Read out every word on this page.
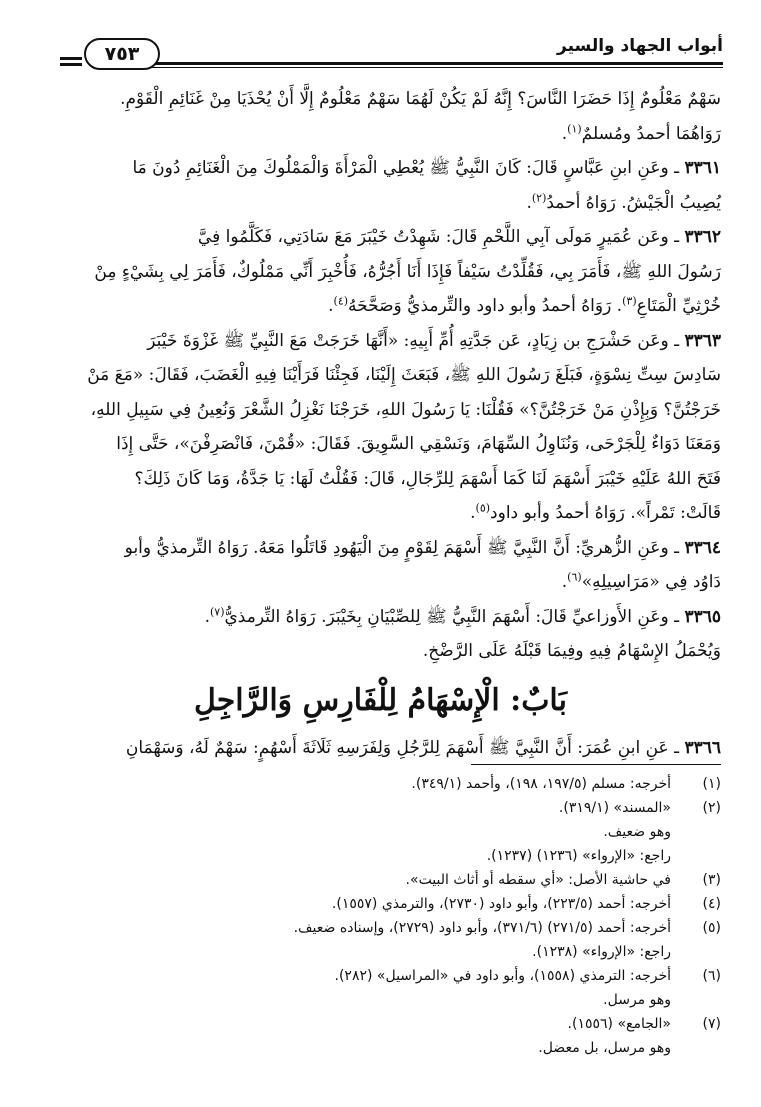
أبواب الجهاد والسير
٧٥٣

سَهْمٌ مَعْلُومٌ إِذَا حَضَرَا النَّاسَ؟ إِنَّهُ لَمْ يَكُنْ لَهُمَا سَهْمٌ مَعْلُومٌ إِلَّا أَنْ يُحْذَيَا مِنْ غَنَائِمِ الْقَوْمِ.

رَوَاهُمَا أحمدُ ومُسلمٌ$^{(١)}$.

٣٣٦١ ـ وعَنِ ابنِ عَبَّاسٍ قَالَ: كَانَ النَّبِيُّ ﷺ يُعْطِي الْمَرْأَةَ وَالْمَمْلُوكَ مِنَ الْغَنَائِمِ دُونَ مَا

يُصِيبُ الْجَيْشُ. رَوَاهُ أحمدُ$^{(٢)}$.

٣٣٦٢ ـ وعَن عُمَيرٍ مَولَى آبِي اللَّحْمِ قَالَ: شَهِدْتُ خَيْبَرَ مَعَ سَادَتِي، فَكَلَّمُوا فِيَّ

رَسُولَ اللهِ ﷺ، فَأَمَرَ بِي، فَقُلِّدْتُ سَيْفاً فَإِذَا أَنَا أَجُرُّهُ، فَأُخْبِرَ أَنِّي مَمْلُوكٌ، فَأَمَرَ لِي بِشَيْءٍ مِنْ

خُرْثِيِّ الْمَتَاعِ$^{(٣)}$. رَوَاهُ أحمدُ وأبو داود والتِّرمذيُّ وَصَحَّحَهُ$^{(٤)}$.

٣٣٦٣ ـ وعَن حَشْرَجِ بن زِيَادٍ، عَن جَدَّتِهِ أُمِّ أَبِيهِ: «أَنَّهَا خَرَجَتْ مَعَ النَّبِيِّ ﷺ غَزْوَةَ خَيْبَرَ

سَادِسَ سِتِّ نِسْوَةٍ، فَبَلَغَ رَسُولَ اللهِ ﷺ، فَبَعَثَ إِلَيْنَا، فَجِئْنَا فَرَأَيْنَا فِيهِ الْغَضَبَ، فَقَالَ: «مَعَ مَنْ

خَرَجْتُنَّ؟ وَبِإِذْنِ مَنْ خَرَجْتُنَّ؟» فَقُلْنَا: يَا رَسُولَ اللهِ، خَرَجْنَا نَغْزِلُ الشَّعْرَ وَنُعِينُ فِي سَبِيلِ اللهِ،

وَمَعَنَا دَوَاءٌ لِلْجَرْحَى، وَنُنَاوِلُ السِّهَامَ، وَنَسْقِي السَّوِيقَ. فَقَالَ: «قُمْنَ، فَانْصَرِفْنَ»، حَتَّى إِذَا

فَتَحَ اللهُ عَلَيْهِ خَيْبَرَ أَسْهَمَ لَنَا كَمَا أَسْهَمَ لِلرِّجَالِ، قَالَ: فَقُلْتُ لَهَا: يَا جَدَّةُ، وَمَا كَانَ ذَلِكَ؟

قَالَتْ: تَمْراً». رَوَاهُ أحمدُ وأبو داود$^{(٥)}$.

٣٣٦٤ ـ وعَنِ الزُّهريِّ: أَنَّ النَّبِيَّ ﷺ أَسْهَمَ لِقَوْمٍ مِنَ الْيَهُودِ قَاتَلُوا مَعَهُ. رَوَاهُ التِّرمذيُّ وأبو

دَاوُد فِي «مَرَاسِيلِهِ»$^{(٦)}$.

٣٣٦٥ ـ وعَنِ الأَوزاعيِّ قَالَ: أَسْهَمَ النَّبِيُّ ﷺ لِلصِّبْيَانِ بِخَيْبَرَ. رَوَاهُ التِّرمذيُّ$^{(٧)}$.

وَيُحْمَلُ الإِسْهَامُ فِيهِ وفِيمَا قَبْلَهُ عَلَى الرَّضْخِ.

بَابٌ: الْإِسْهَامُ لِلْفَارِسِ وَالرَّاجِلِ

٣٣٦٦ ـ عَنِ ابنِ عُمَرَ: أَنَّ النَّبِيَّ ﷺ أَسْهَمَ لِلرَّجُلِ وَلِفَرَسِهِ ثَلَاثَةَ أَسْهُمٍ: سَهْمٌ لَهُ، وَسَهْمَانِ

(١)
أخرجه: مسلم (١٩٧/٥، ١٩٨)، وأحمد (٣٤٩/١).
(٢)
«المسند» (٣١٩/١).
وهو ضعيف.
راجع: «الإرواء» (١٢٣٦) (١٢٣٧).
(٣)
في حاشية الأصل: «أي سقطه أو أثاث البيت».
(٤)
أخرجه: أحمد (٢٢٣/٥)، وأبو داود (٢٧٣٠)، والترمذي (١٥٥٧).
(٥)
أخرجه: أحمد (٢٧١/٥) (٣٧١/٦)، وأبو داود (٢٧٢٩)، وإسناده ضعيف.
راجع: «الإرواء» (١٢٣٨).
(٦)
أخرجه: الترمذي (١٥٥٨)، وأبو داود في «المراسيل» (٢٨٢).
وهو مرسل.
(٧)
«الجامع» (١٥٥٦).
وهو مرسل، بل معضل.
